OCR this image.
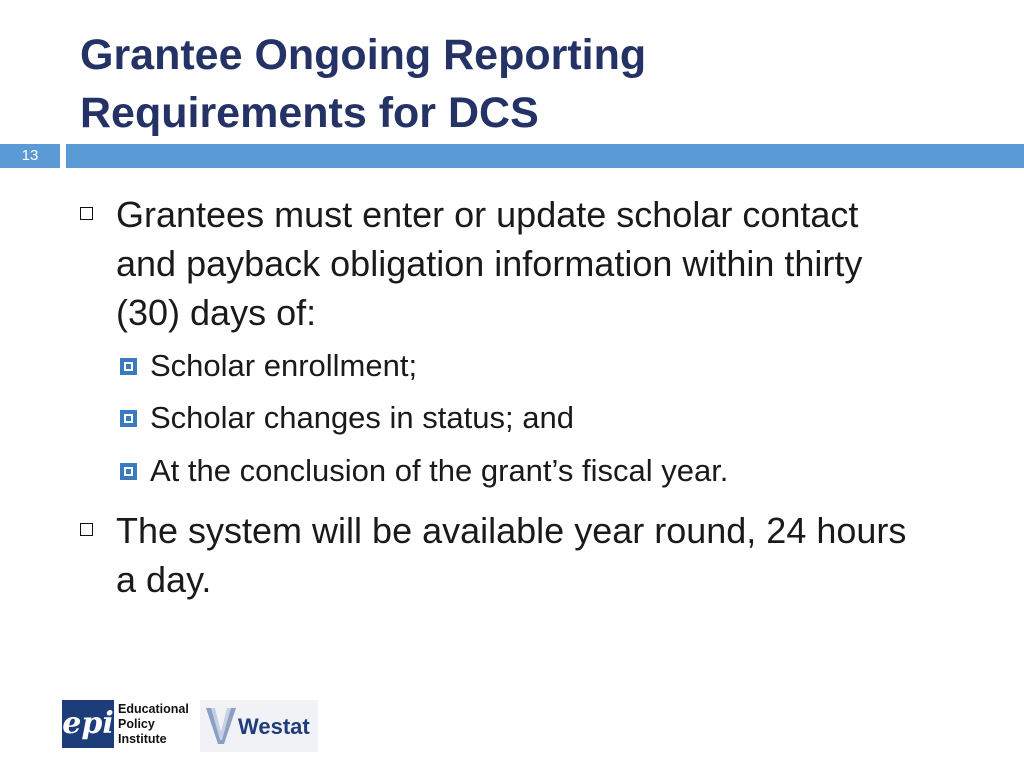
Grantee Ongoing Reporting
Requirements for DCS
13
Grantees must enter or update scholar contact
and payback obligation information within thirty
(30) days of:
Scholar enrollment;
Scholar changes in status; and
At the conclusion of the grant’s fiscal year.
The system will be available year round, 24 hours
a day.
epi Educational
Policy
Institute	Westat
